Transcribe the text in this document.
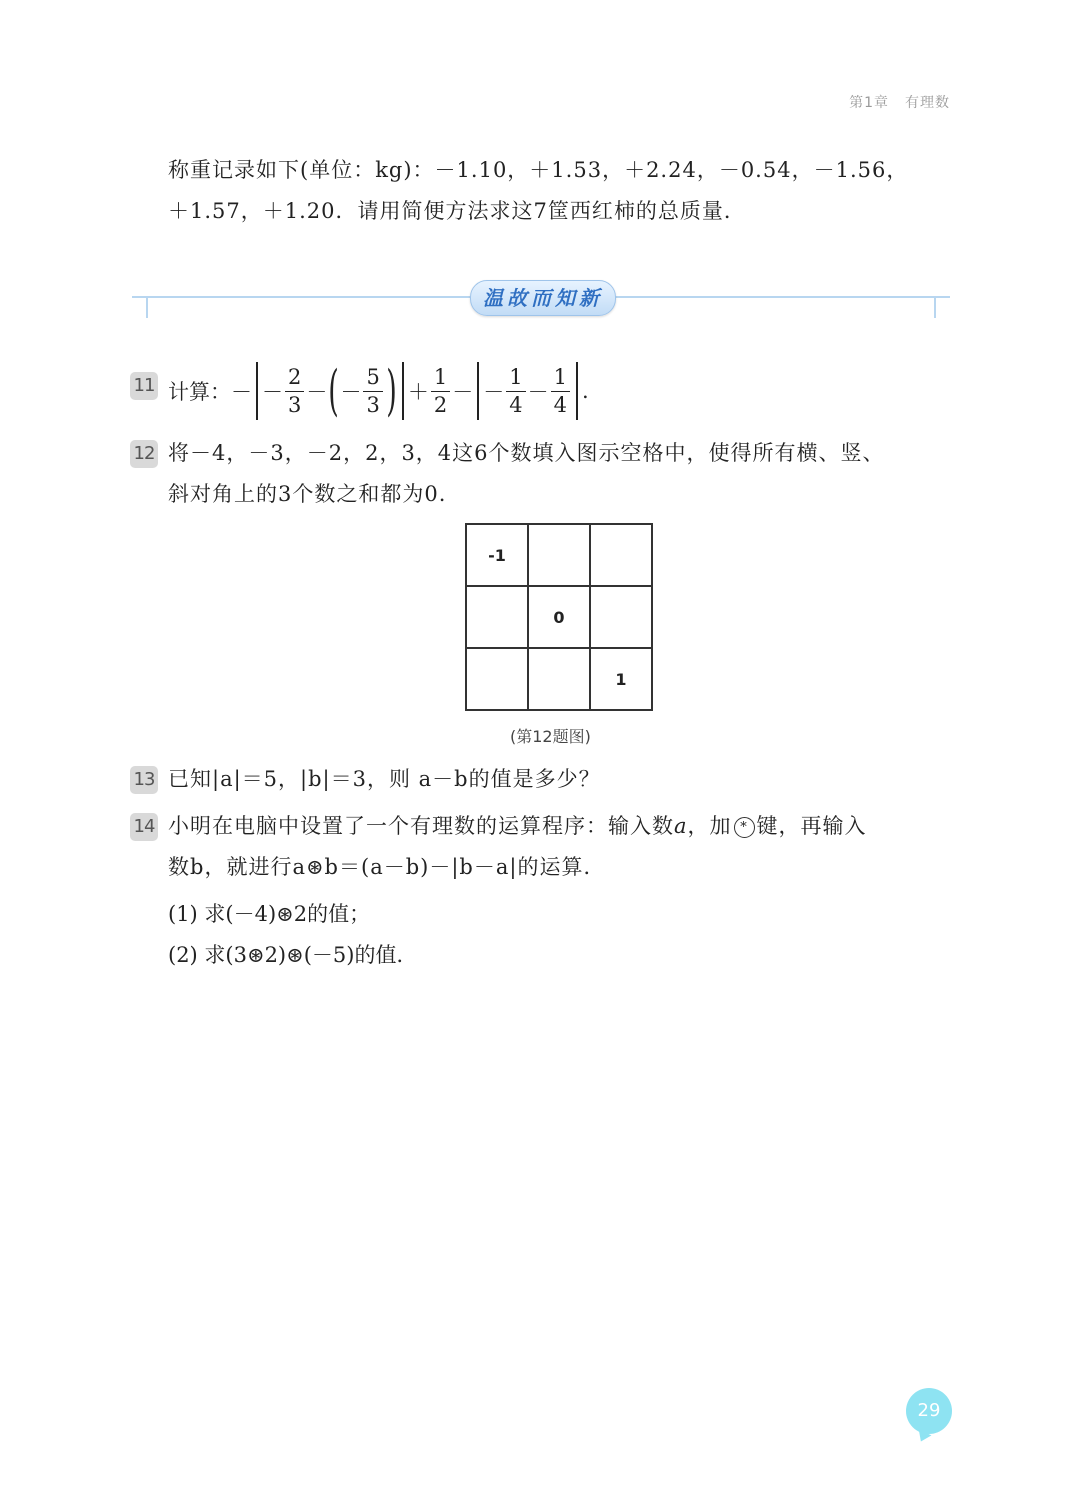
第1章 有理数
称重记录如下(单位：kg)：－1.10，＋1.53，＋2.24，－0.54，－1.56，
＋1.57，＋1.20．请用简便方法求这7筐西红柿的总质量．
温故而知新
11 计算：－ － $\frac{2}{3}$ －(－ $\frac{5}{3}$ ) ＋ $\frac{1}{2}$ － － $\frac{1}{4} - \frac{1}{4}$ .
12 将－4，－3，－2，2，3，4这6个数填入图示空格中，使得所有横、竖、
斜对角上的3个数之和都为0.
-1
0
1
(第12题图)
13 已知|a|＝5，|b|＝3，则 a－b的值是多少？
14 小明在电脑中设置了一个有理数的运算程序：输入数a，加 * 键，再输入
数b，就进行a⊛b＝(a－b)－|b－a|的运算．
(1) 求(－4)⊛2的值；
(2) 求(3⊛2)⊛(－5)的值．
29
